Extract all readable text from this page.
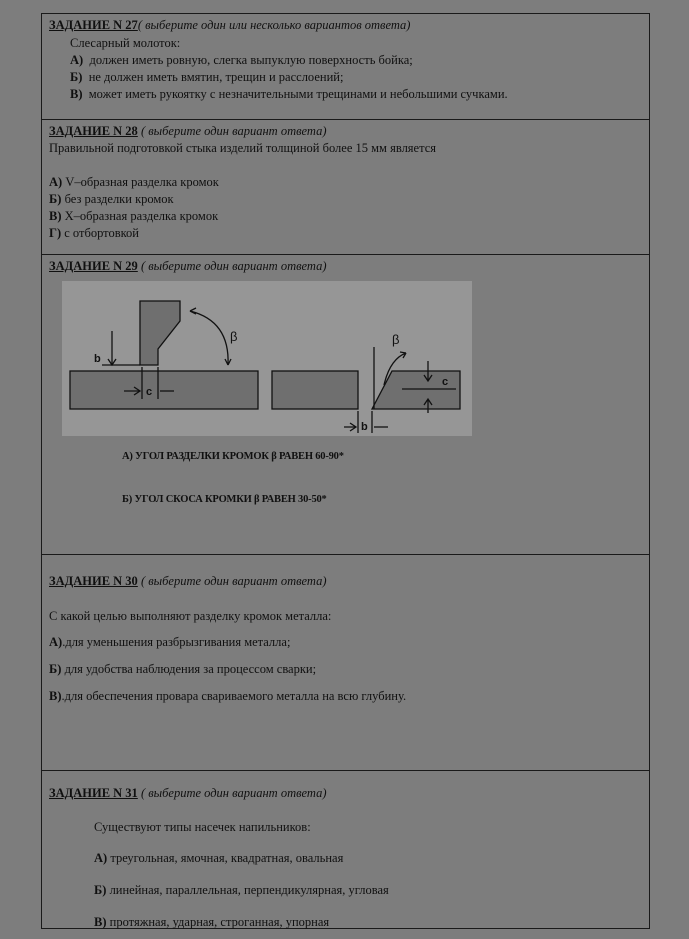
ЗАДАНИЕ N 27( выберите один или несколько вариантов ответа)
Слесарный молоток:
А) должен иметь ровную, слегка выпуклую поверхность бойка;
Б) не должен иметь вмятин, трещин и расслоений;
В) может иметь рукоятку с незначительными трещинами и небольшими сучками.
ЗАДАНИЕ N 28 ( выберите один вариант ответа)
Правильной подготовкой стыка изделий толщиной более 15 мм является
А) V–образная разделка кромок
Б) без разделки кромок
В) Х–образная разделка кромок
Г) с отбортовкой
ЗАДАНИЕ N 29 ( выберите один вариант ответа)
b
c
β	β
c
b
А) УГОЛ РАЗДЕЛКИ КРОМОК β РАВЕН 60-90*
Б) УГОЛ СКОСА КРОМКИ β РАВЕН 30-50*
ЗАДАНИЕ N 30 ( выберите один вариант ответа)
С какой целью выполняют разделку кромок металла:
А).для уменьшения разбрызгивания металла;
Б) для удобства наблюдения за процессом сварки;
В).для обеспечения провара свариваемого металла на всю глубину.
ЗАДАНИЕ N 31 ( выберите один вариант ответа)
Существуют типы насечек напильников:
А) треугольная, ямочная, квадратная, овальная
Б) линейная, параллельная, перпендикулярная, угловая
В) протяжная, ударная, строганная, упорная
